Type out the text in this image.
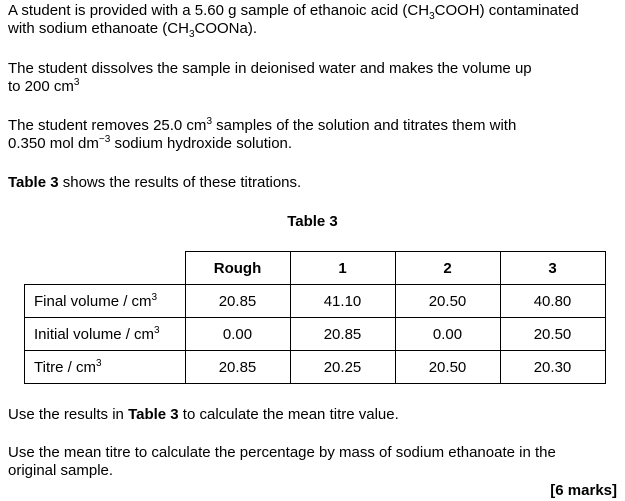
A student is provided with a 5.60 g sample of ethanoic acid $(CH_3COOH)$ contaminated
with sodium ethanoate $(CH_3COONa)$.

The student dissolves the sample in deionised water and makes the volume up
to 200 $cm^3$

The student removes 25.0 $cm^3$ samples of the solution and titrates them with
0.350 mol $dm^{-3}$ sodium hydroxide solution.

Table 3 shows the results of these titrations.

Table 3
	Rough	1	2	3
Final volume / $cm^3$	20.85	41.10	20.50	40.80
Initial volume / $cm^3$	0.00	20.85	0.00	20.50
Titre / $cm^3$	20.85	20.25	20.50	20.30

Use the results in Table 3 to calculate the mean titre value.

Use the mean titre to calculate the percentage by mass of sodium ethanoate in the
original sample.

[6 marks]
